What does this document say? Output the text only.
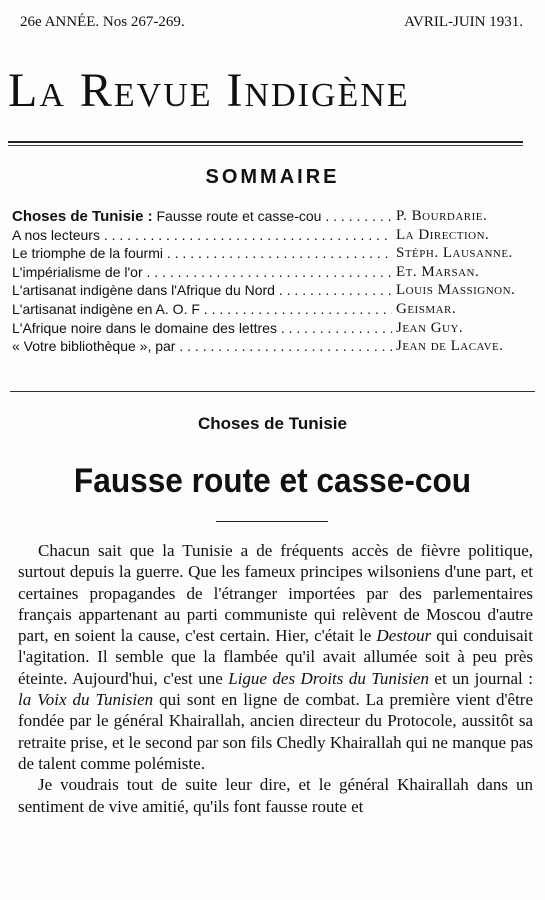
26e ANNÉE. Nos 267-269.	AVRIL-JUIN 1931.
La Revue Indigène
SOMMAIRE
Choses de Tunisie : Fausse route et casse-cou . . .	P. Bourdarie.
A nos lecteurs . . .	La Direction.
Le triomphe de la fourmi . . .	Stéph. Lausanne.
L'impérialisme de l'or . . .	Et. Marsan.
L'artisanat indigène dans l'Afrique du Nord . . .	Louis Massignon.
L'artisanat indigène en A. O. F . . .	Geismar.
L'Afrique noire dans le domaine des lettres . . .	Jean Guy.
« Votre bibliothèque », par . . .	Jean de Lacave.
Choses de Tunisie
Fausse route et casse-cou

Chacun sait que la Tunisie a de fréquents accès de fièvre politique, surtout depuis la guerre. Que les fameux principes wilsoniens d'une part, et certaines propagandes de l'étranger importées par des parlementaires français appartenant au parti communiste qui relèvent de Moscou d'autre part, en soient la cause, c'est certain. Hier, c'était le Destour qui conduisait l'agitation. Il semble que la flambée qu'il avait allumée soit à peu près éteinte. Aujourd'hui, c'est une Ligue des Droits du Tunisien et un journal : la Voix du Tunisien qui sont en ligne de combat. La première vient d'être fondée par le général Khairallah, ancien directeur du Protocole, aussitôt sa retraite prise, et le second par son fils Chedly Khairallah qui ne manque pas de talent comme polémiste.

Je voudrais tout de suite leur dire, et le général Khairallah dans un sentiment de vive amitié, qu'ils font fausse route et
